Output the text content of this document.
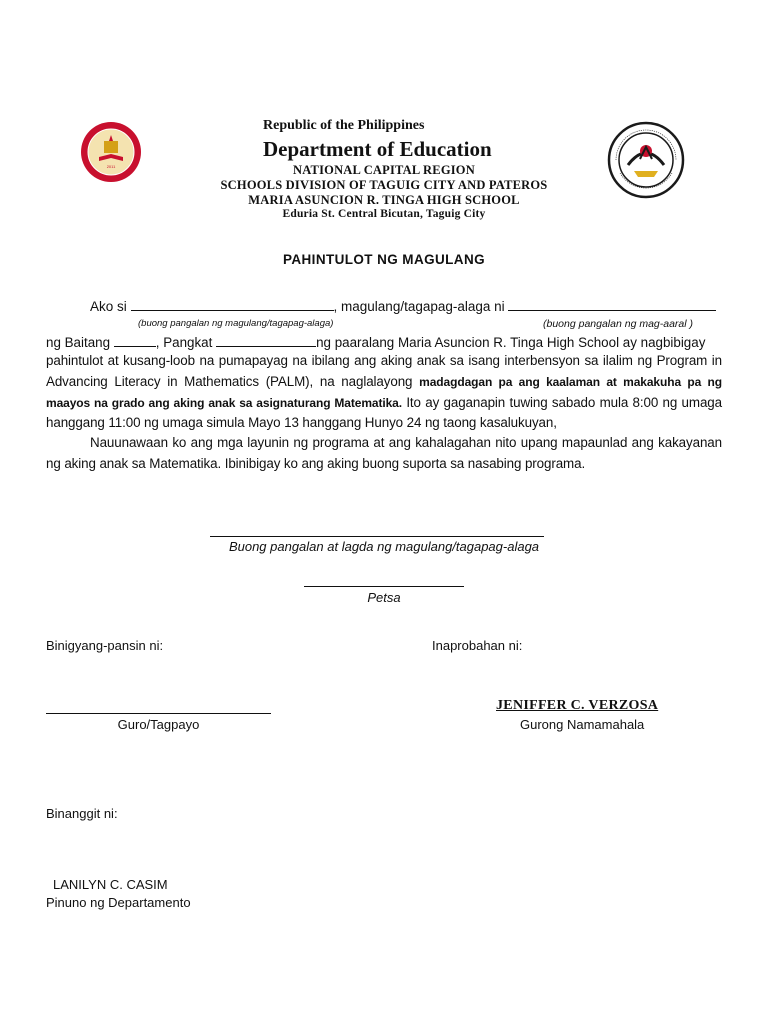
2011
Republic of the Philippines
Department of Education
NATIONAL CAPITAL REGION
SCHOOLS DIVISION OF TAGUIG CITY AND PATEROS
MARIA ASUNCION R. TINGA HIGH SCHOOL
Eduria St. Central Bicutan, Taguig City
PAHINTULOT NG MAGULANG
Ako si	, magulang/tagapag-alaga ni
(buong pangalan ng magulang/tagapag-alaga)	(buong pangalan ng mag-aaral )
ng Baitang	, Pangkat	ng paaralang Maria Asuncion R. Tinga High School ay nagbibigay
pahintulot at kusang-loob na pumapayag na ibilang ang aking anak sa isang interbensyon sa ilalim ng Program in Advancing Literacy in Mathematics (PALM), na naglalayong madagdagan pa ang kaalaman at makakuha pa ng maayos na grado ang aking anak sa asignaturang Matematika. Ito ay gaganapin tuwing sabado mula 8:00 ng umaga hanggang 11:00 ng umaga simula Mayo 13 hanggang Hunyo 24 ng taong kasalukuyan,
Nauunawaan ko ang mga layunin ng programa at ang kahalagahan nito upang mapaunlad ang kakayanan ng aking anak sa Matematika. Ibinibigay ko ang aking buong suporta sa nasabing programa.
Buong pangalan at lagda ng magulang/tagapag-alaga
Petsa
Binigyang-pansin ni:	Inaprobahan ni:
Guro/Tagpayo
JENIFFER C. VERZOSA
Gurong Namamahala
Binanggit ni:
LANILYN C. CASIM
Pinuno ng Departamento
